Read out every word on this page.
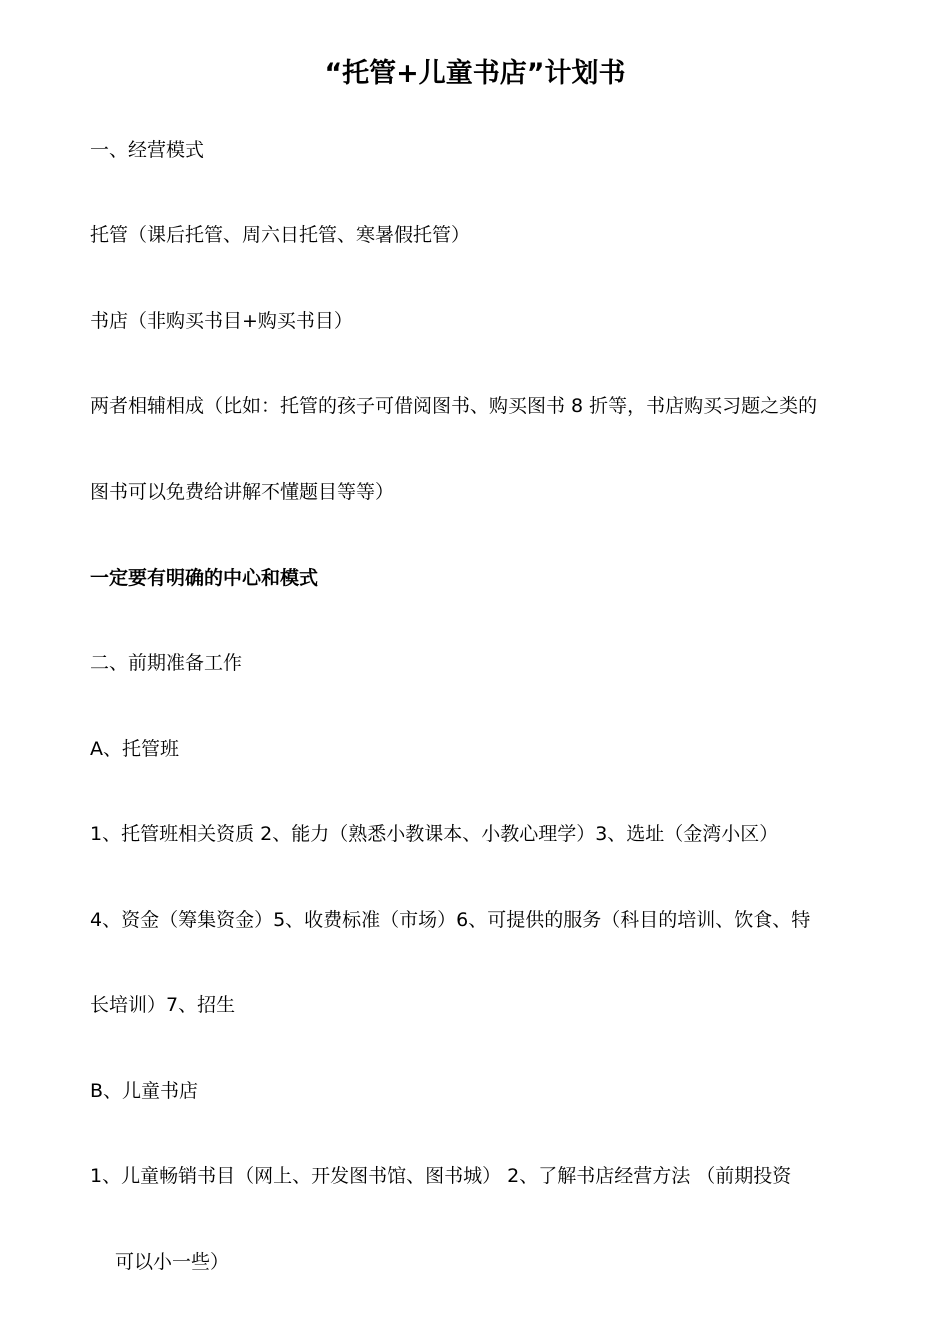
“托管+儿童书店”计划书
一、经营模式
托管（课后托管、周六日托管、寒暑假托管）
书店（非购买书目+购买书目）
两者相辅相成（比如：托管的孩子可借阅图书、购买图书 8 折等，书店购买习题之类的
图书可以免费给讲解不懂题目等等）
一定要有明确的中心和模式
二、前期准备工作
A、托管班
1、托管班相关资质 2、能力（熟悉小教课本、小教心理学）3、选址（金湾小区）
4、资金（筹集资金）5、收费标准（市场）6、可提供的服务（科目的培训、饮食、特
长培训）7、招生
B、儿童书店
1、儿童畅销书目（网上、开发图书馆、图书城） 2、了解书店经营方法 （前期投资
可以小一些）
